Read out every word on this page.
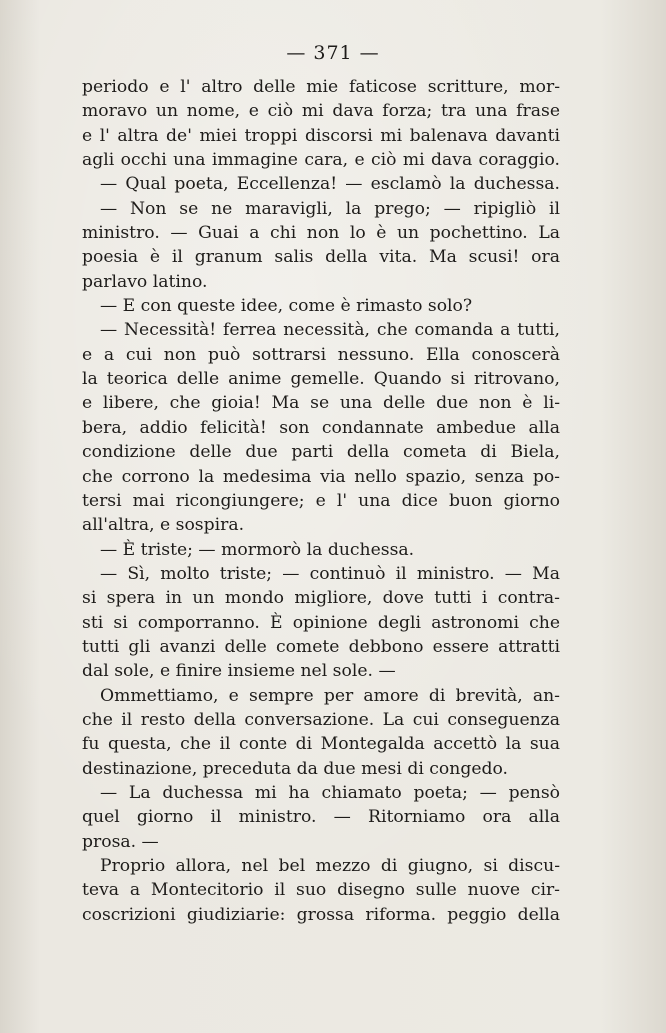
— 371 —
periodo e l' altro delle mie faticose scritture, mor-
moravo un nome, e ciò mi dava forza; tra una frase
e l' altra de' miei troppi discorsi mi balenava davanti
agli occhi una immagine cara, e ciò mi dava coraggio.
— Qual poeta, Eccellenza! — esclamò la duchessa.
— Non se ne maravigli, la prego; — ripigliò il
ministro. — Guai a chi non lo è un pochettino. La
poesia è il granum salis della vita. Ma scusi! ora
parlavo latino.
— E con queste idee, come è rimasto solo?
— Necessità! ferrea necessità, che comanda a tutti,
e a cui non può sottrarsi nessuno. Ella conoscerà
la teorica delle anime gemelle. Quando si ritrovano,
e libere, che gioia! Ma se una delle due non è li-
bera, addio felicità! son condannate ambedue alla
condizione delle due parti della cometa di Biela,
che corrono la medesima via nello spazio, senza po-
tersi mai ricongiungere; e l' una dice buon giorno
all'altra, e sospira.
— È triste; — mormorò la duchessa.
— Sì, molto triste; — continuò il ministro. — Ma
si spera in un mondo migliore, dove tutti i contra-
sti si comporranno. È opinione degli astronomi che
tutti gli avanzi delle comete debbono essere attratti
dal sole, e finire insieme nel sole. —
Ommettiamo, e sempre per amore di brevità, an-
che il resto della conversazione. La cui conseguenza
fu questa, che il conte di Montegalda accettò la sua
destinazione, preceduta da due mesi di congedo.
— La duchessa mi ha chiamato poeta; — pensò
quel giorno il ministro. — Ritorniamo ora alla
prosa. —
Proprio allora, nel bel mezzo di giugno, si discu-
teva a Montecitorio il suo disegno sulle nuove cir-
coscrizioni giudiziarie: grossa riforma. peggio della
